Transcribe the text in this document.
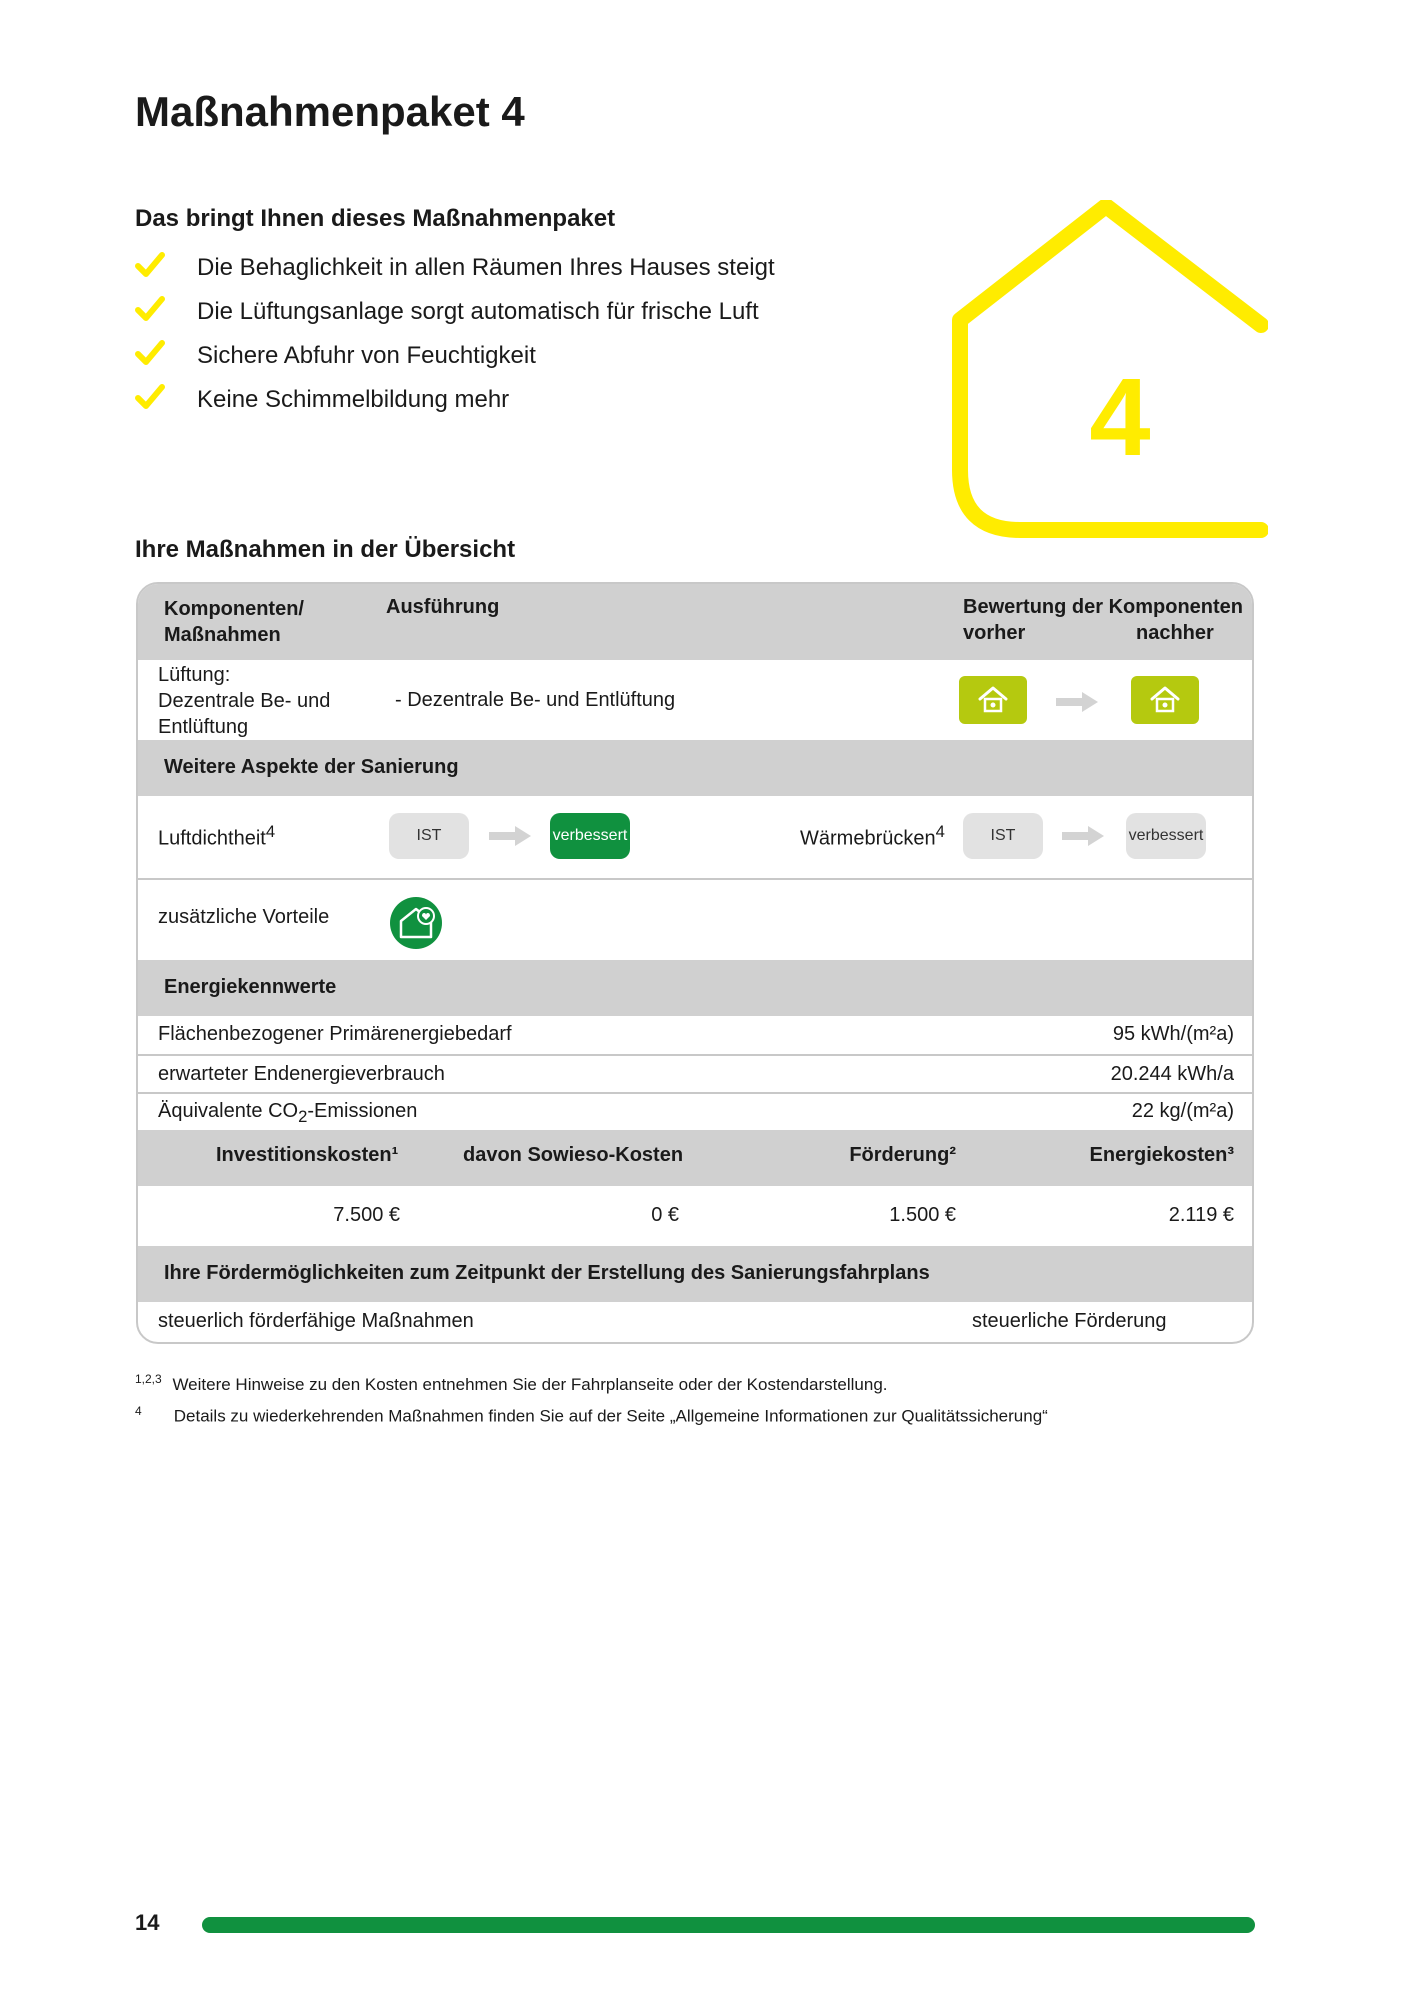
Maßnahmenpaket 4
Das bringt Ihnen dieses Maßnahmenpaket
Die Behaglichkeit in allen Räumen Ihres Hauses steigt
Die Lüftungsanlage sorgt automatisch für frische Luft
Sichere Abfuhr von Feuchtigkeit
Keine Schimmelbildung mehr	4
Ihre Maßnahmen in der Übersicht
Komponenten/
Maßnahmen
Ausführung	Bewertung der Komponenten
vorher	nachher
Lüftung:
Dezentrale Be- und
Entlüftung
- Dezentrale Be- und Entlüftung
Weitere Aspekte der Sanierung
Luftdichtheit$^4$	IST	verbessert	Wärmebrücken$^4$	IST	verbessert
zusätzliche Vorteile
Energiekennwerte
Flächenbezogener Primärenergiebedarf	95 kWh/(m²a)
erwarteter Endenergieverbrauch	20.244 kWh/a
Äquivalente $CO_2$-Emissionen	22 kg/(m²a)
Investitionskosten¹	davon Sowieso-Kosten	Förderung²	Energiekosten³
7.500 €	0 €	1.500 €	2.119 €
Ihre Fördermöglichkeiten zum Zeitpunkt der Erstellung des Sanierungsfahrplans
steuerlich förderfähige Maßnahmen	steuerliche Förderung
$^{1,2,3}$ Weitere Hinweise zu den Kosten entnehmen Sie der Fahrplanseite oder der Kostendarstellung.
$^4$ Details zu wiederkehrenden Maßnahmen finden Sie auf der Seite „Allgemeine Informationen zur Qualitätssicherung“
14
